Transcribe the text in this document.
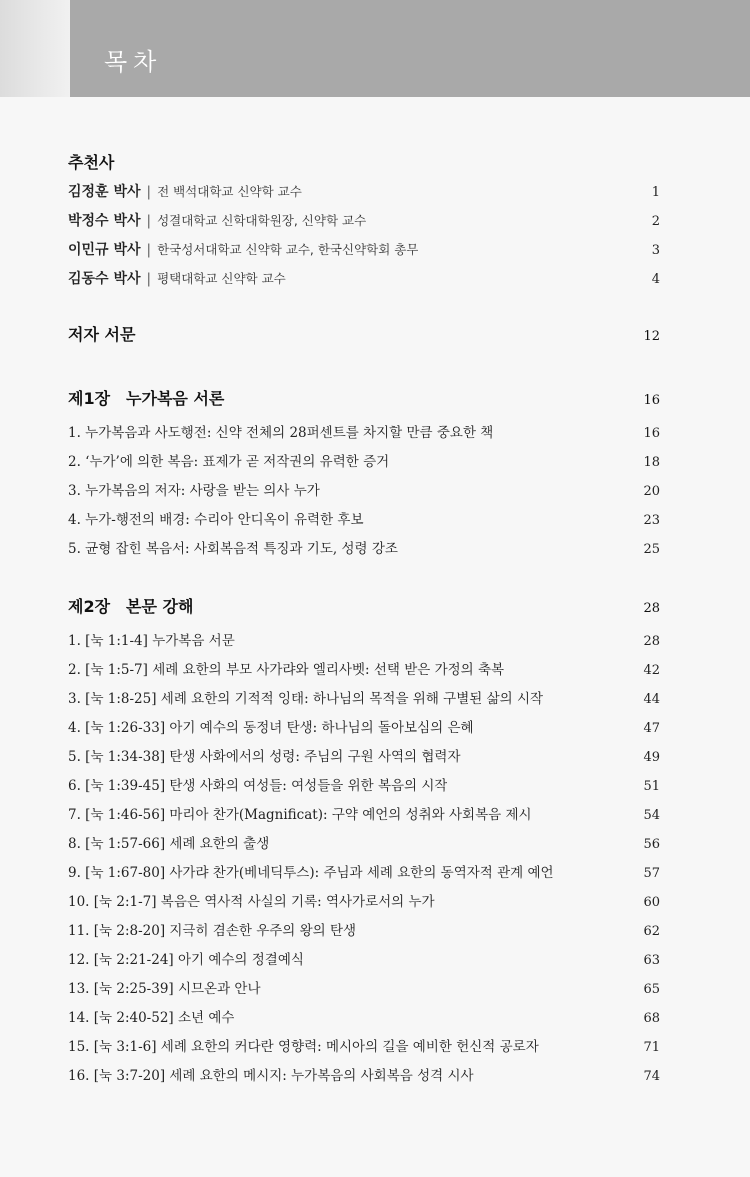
목차
추천사
김정훈 박사 | 전 백석대학교 신약학 교수	1
박정수 박사 | 성결대학교 신학대학원장, 신약학 교수	2
이민규 박사 | 한국성서대학교 신약학 교수, 한국신약학회 총무	3
김동수 박사 | 평택대학교 신약학 교수	4
저자 서문	12
제1장　누가복음 서론	16
1. 누가복음과 사도행전: 신약 전체의 28퍼센트를 차지할 만큼 중요한 책	16
2. ‘누가’에 의한 복음: 표제가 곧 저작권의 유력한 증거	18
3. 누가복음의 저자: 사랑을 받는 의사 누가	20
4. 누가-행전의 배경: 수리아 안디옥이 유력한 후보	23
5. 균형 잡힌 복음서: 사회복음적 특징과 기도, 성령 강조	25
제2장　본문 강해	28
1. [눅 1:1-4] 누가복음 서문	28
2. [눅 1:5-7] 세례 요한의 부모 사가랴와 엘리사벳: 선택 받은 가정의 축복	42
3. [눅 1:8-25] 세례 요한의 기적적 잉태: 하나님의 목적을 위해 구별된 삶의 시작	44
4. [눅 1:26-33] 아기 예수의 동정녀 탄생: 하나님의 돌아보심의 은혜	47
5. [눅 1:34-38] 탄생 사화에서의 성령: 주님의 구원 사역의 협력자	49
6. [눅 1:39-45] 탄생 사화의 여성들: 여성들을 위한 복음의 시작	51
7. [눅 1:46-56] 마리아 찬가(Magnificat): 구약 예언의 성취와 사회복음 제시	54
8. [눅 1:57-66] 세례 요한의 출생	56
9. [눅 1:67-80] 사가랴 찬가(베네딕투스): 주님과 세례 요한의 동역자적 관계 예언	57
10. [눅 2:1-7] 복음은 역사적 사실의 기록: 역사가로서의 누가	60
11. [눅 2:8-20] 지극히 겸손한 우주의 왕의 탄생	62
12. [눅 2:21-24] 아기 예수의 정결예식	63
13. [눅 2:25-39] 시므온과 안나	65
14. [눅 2:40-52] 소년 예수	68
15. [눅 3:1-6] 세례 요한의 커다란 영향력: 메시아의 길을 예비한 헌신적 공로자	71
16. [눅 3:7-20] 세례 요한의 메시지: 누가복음의 사회복음 성격 시사	74
